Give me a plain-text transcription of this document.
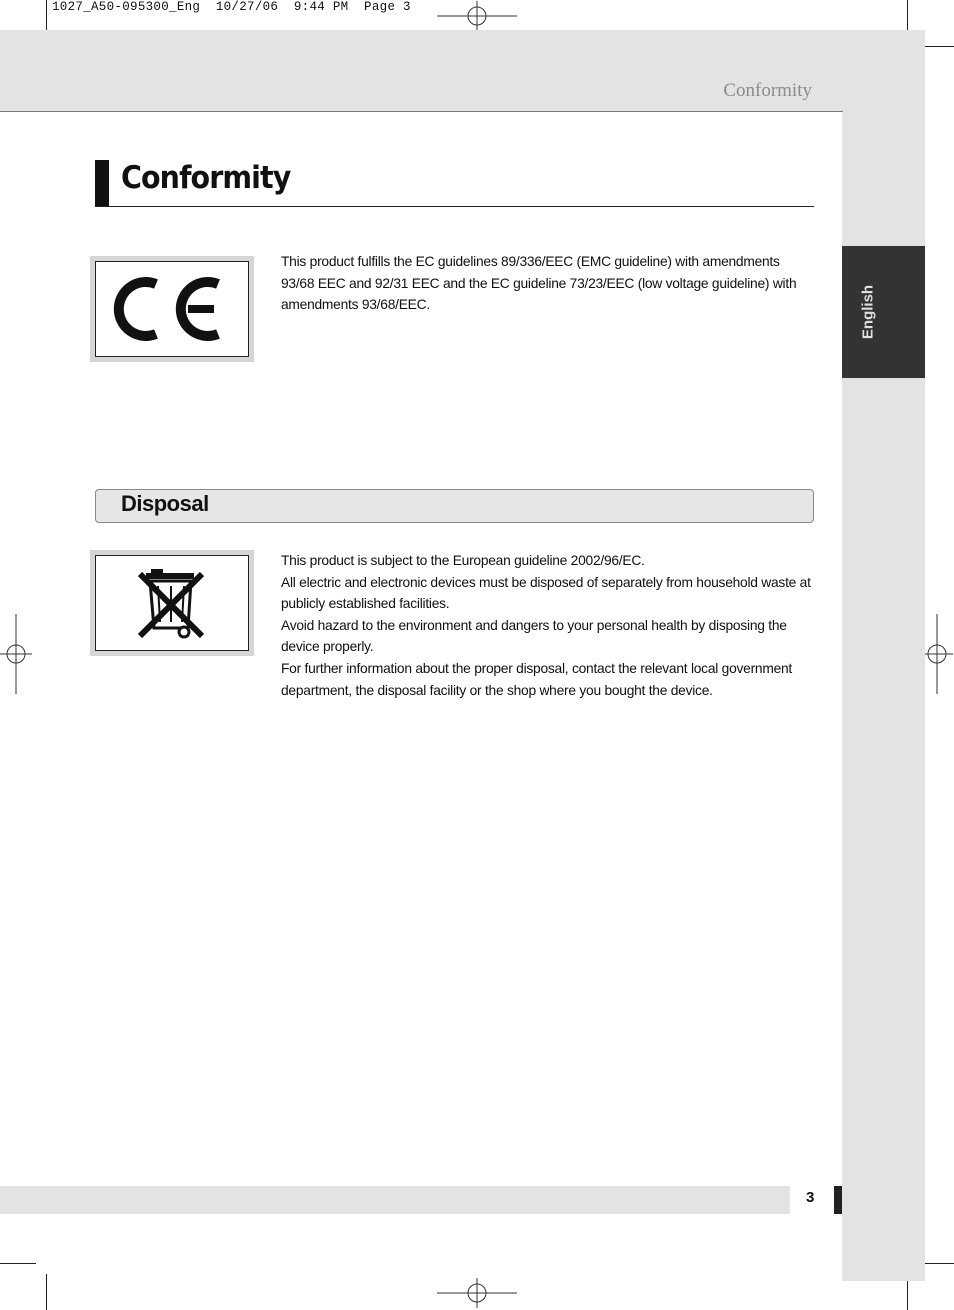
1027_A50-095300_Eng  10/27/06  9:44 PM  Page 3
Conformity
English
Conformity

This product fulfills the EC guidelines 89/336/EEC (EMC guideline) with amendments 93/68 EEC and 92/31 EEC and the EC guideline 73/23/EEC (low voltage guideline) with amendments 93/68/EEC.

Disposal

This product is subject to the European guideline 2002/96/EC.

All electric and electronic devices must be disposed of separately from household waste at publicly established facilities.

Avoid hazard to the environment and dangers to your personal health by disposing the device properly.

For further information about the proper disposal, contact the relevant local government department, the disposal facility or the shop where you bought the device.

3
